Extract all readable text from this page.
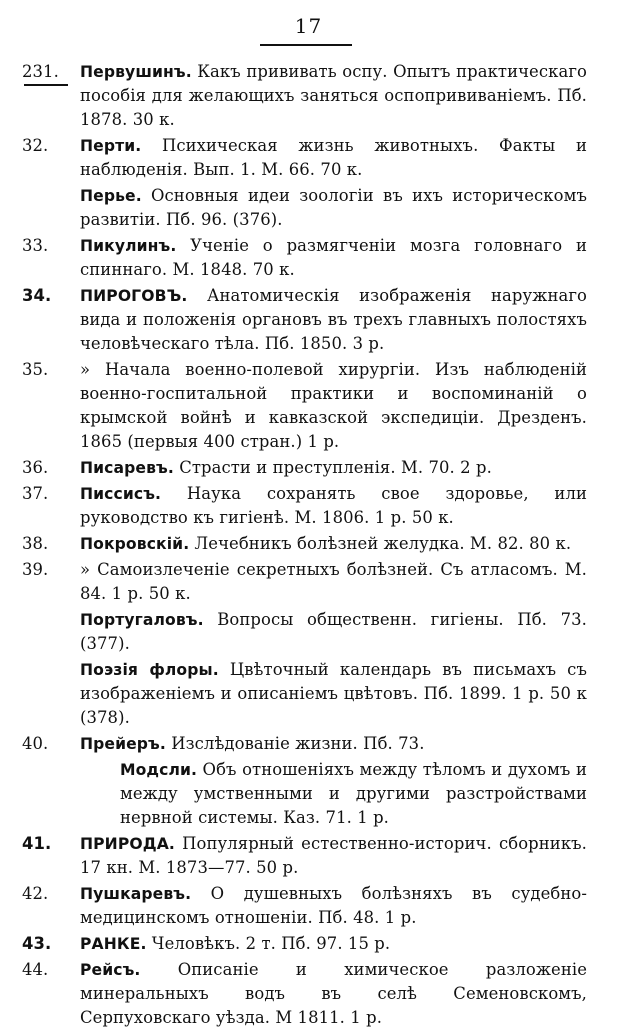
17
231.	Первушинъ. Какъ прививать оспу. Опытъ практическаго пособія для желающихъ заняться оспопрививаніемъ. Пб. 1878. 30 к.
32.	Перти. Психическая жизнь животныхъ. Факты и наблюденія. Вып. 1. М. 66. 70 к.
Перье. Основныя идеи зоологіи въ ихъ историческомъ развитіи. Пб. 96. (376).
33.	Пикулинъ. Ученіе о размягченіи мозга головнаго и спиннаго. М. 1848. 70 к.
34.	ПИРОГОВЪ. Анатомическія изображенія наружнаго вида и положенія органовъ въ трехъ главныхъ полостяхъ человѣческаго тѣла. Пб. 1850. 3 р.
35.	» Начала военно-полевой хирургіи. Изъ наблюденій военно-госпитальной практики и воспоминаній о крымской войнѣ и кавказской экспедиціи. Дрезденъ. 1865 (первыя 400 стран.) 1 р.
36.	Писаревъ. Страсти и преступленія. М. 70. 2 р.
37.	Писсисъ. Наука сохранять свое здоровье, или руководство къ гигіенѣ. М. 1806. 1 р. 50 к.
38.	Покровскій. Лечебникъ болѣзней желудка. М. 82. 80 к.
39.	» Самоизлеченіе секретныхъ болѣзней. Съ атласомъ. М. 84. 1 р. 50 к.
Португаловъ. Вопросы общественн. гигіены. Пб. 73. (377).
Поэзія флоры. Цвѣточный календарь въ письмахъ съ изображеніемъ и описаніемъ цвѣтовъ. Пб. 1899. 1 р. 50 к (378).
40.	Прейеръ. Изслѣдованіе жизни. Пб. 73.
Модсли. Объ отношеніяхъ между тѣломъ и духомъ и между умственными и другими разстройствами нервной системы. Каз. 71. 1 р.
41.	ПРИРОДА. Популярный естественно-историч. сборникъ. 17 кн. М. 1873—77. 50 р.
42.	Пушкаревъ. О душевныхъ болѣзняхъ въ судебно-медицинскомъ отношеніи. Пб. 48. 1 р.
43.	РАНКЕ. Человѣкъ. 2 т. Пб. 97. 15 р.
44.	Рейсъ. Описаніе и химическое разложеніе минеральныхъ водъ въ селѣ Семеновскомъ, Серпуховскаго уѣзда. М 1811. 1 р.
